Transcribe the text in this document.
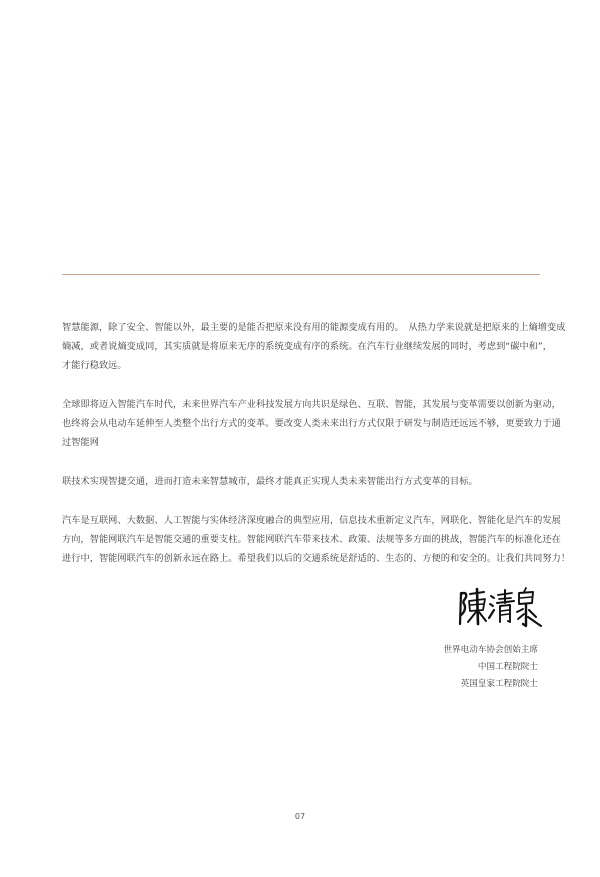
智慧能源，除了安全、智能以外，最主要的是能否把原来没有用的能源变成有用的。　从热力学来说就是把原来的上熵增变成
熵减，或者说熵变成同，其实质就是将原来无序的系统变成有序的系统。在汽车行业继续发展的同时，考虑到“碳中和”，
才能行稳致远。

全球即将迈入智能汽车时代，未来世界汽车产业科技发展方向共识是绿色、互联、智能，其发展与变革需要以创新为驱动，
也终将会从电动车延伸至人类整个出行方式的变革。要改变人类未来出行方式仅限于研发与制造还远远不够，更要致力于通
过智能网

联技术实现智捷交通，进而打造未来智慧城市，最终才能真正实现人类未来智能出行方式变革的目标。

汽车是互联网、大数据、人工智能与实体经济深度融合的典型应用，信息技术重新定义汽车，网联化、智能化是汽车的发展
方向，智能网联汽车是智能交通的重要支柱。智能网联汽车带来技术、政策、法规等多方面的挑战，智能汽车的标准化还在
进行中，智能网联汽车的创新永远在路上。希望我们以后的交通系统是舒适的、生态的、方便的和安全的。让我们共同努力！

世界电动车协会创始主席
中国工程院院士
英国皇家工程院院士
07
